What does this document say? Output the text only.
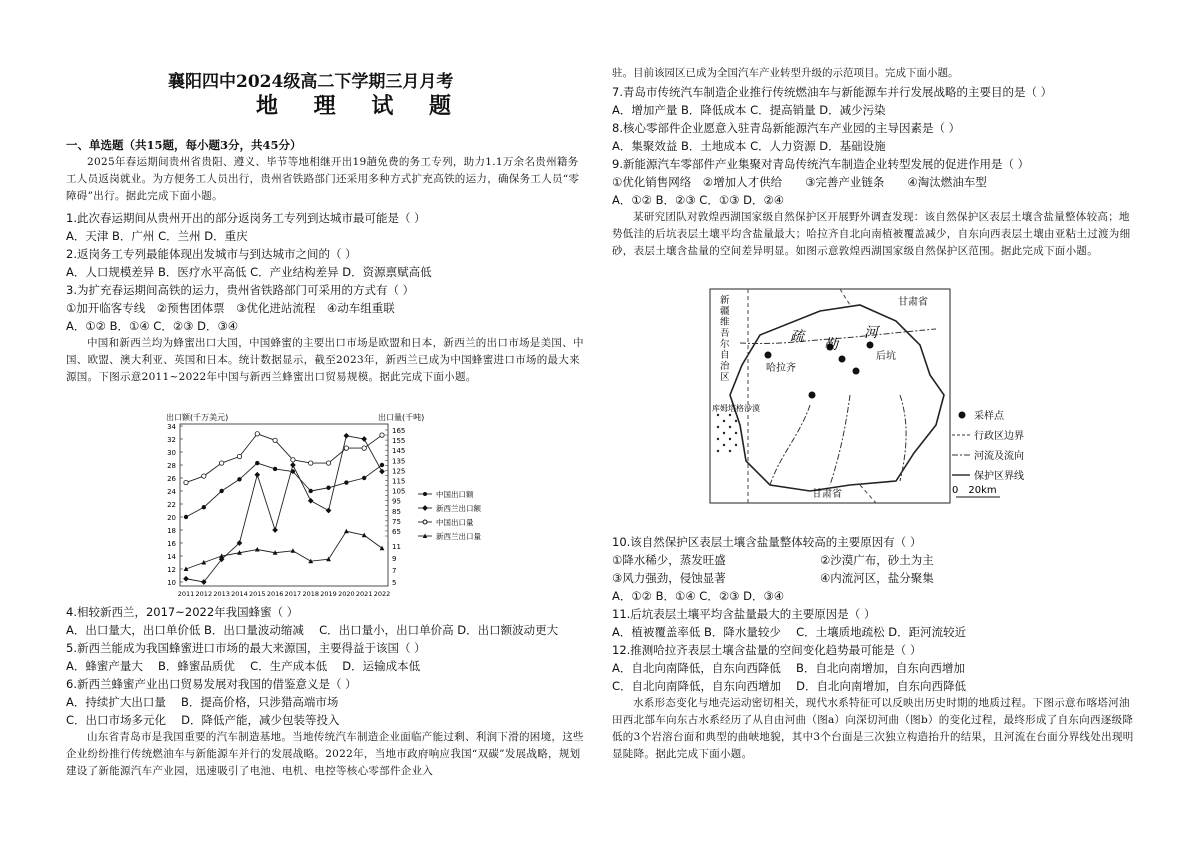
襄阳四中2024级高二下学期三月月考
地 理 试 题
一、单选题（共15题，每小题3分，共45分）
2025年春运期间贵州省贵阳、遵义、毕节等地相继开出19趟免费的务工专列，助力1.1万余名贵州籍务工人员返岗就业。为方便务工人员出行，贵州省铁路部门还采用多种方式扩充高铁的运力，确保务工人员“零障碍”出行。据此完成下面小题。
1.此次春运期间从贵州开出的部分返岗务工专列到达城市最可能是（ ）
A．天津 B．广州 C．兰州 D．重庆
2.返岗务工专列最能体现出发城市与到达城市之间的（ ）
A．人口规模差异 B．医疗水平高低 C．产业结构差异 D．资源禀赋高低
3.为扩充春运期间高铁的运力，贵州省铁路部门可采用的方式有（ ）
①加开临客专线　②预售团体票　③优化进站流程　④动车组重联
A．①② B．①④ C．②③ D．③④
中国和新西兰均为蜂蜜出口大国，中国蜂蜜的主要出口市场是欧盟和日本，新西兰的出口市场是美国、中国、欧盟、澳大利亚、英国和日本。统计数据显示，截至2023年，新西兰已成为中国蜂蜜进口市场的最大来源国。下图示意2011~2022年中国与新西兰蜂蜜出口贸易规模。据此完成下面小题。
出口额(千万美元)	出口量(千吨)
10
12
14
16
18
20
22
24
26
28
30
32
34
65
75
85
95
105
115
125
135
145
155
165
5
7
9
11
2011 2012 2013 2014 2015 2016 2017 2018 2019 2020 2021 2022
中国出口额
新西兰出口额
中国出口量
新西兰出口量
4.相较新西兰，2017~2022年我国蜂蜜（ ）
A．出口量大，出口单价低 B．出口量波动缩减　 C．出口量小，出口单价高 D．出口额波动更大
5.新西兰能成为我国蜂蜜进口市场的最大来源国，主要得益于该国（ ）
A．蜂蜜产量大　 B．蜂蜜品质优　 C．生产成本低　 D．运输成本低
6.新西兰蜂蜜产业出口贸易发展对我国的借鉴意义是（ ）
A．持续扩大出口量　 B．提高价格，只涉猎高端市场
C．出口市场多元化　 D．降低产能，减少包装等投入
山东省青岛市是我国重要的汽车制造基地。当地传统汽车制造企业面临产能过剩、利润下滑的困境，这些企业纷纷推行传统燃油车与新能源车并行的发展战略。2022年，当地市政府响应我国“双碳”发展战略，规划建设了新能源汽车产业园，迅速吸引了电池、电机、电控等核心零部件企业入
驻。目前该园区已成为全国汽车产业转型升级的示范项目。完成下面小题。
7.青岛市传统汽车制造企业推行传统燃油车与新能源车并行发展战略的主要目的是（ ）
A．增加产量 B．降低成本 C．提高销量 D．减少污染
8.核心零部件企业愿意入驻青岛新能源汽车产业园的主导因素是（ ）
A．集聚效益 B．土地成本 C．人力资源 D．基础设施
9.新能源汽车零部件产业集聚对青岛传统汽车制造企业转型发展的促进作用是（ ）
①优化销售网络　②增加人才供给　　③完善产业链条　　④淘汰燃油车型
A．①② B．②③ C．①③ D．②④
某研究团队对敦煌西湖国家级自然保护区开展野外调查发现：该自然保护区表层土壤含盐量整体较高；地势低洼的后坑表层土壤平均含盐量最大；哈拉齐自北向南植被覆盖减少，自东向西表层土壤由亚粘土过渡为细砂，表层土壤含盐量的空间差异明显。如图示意敦煌西湖国家级自然保护区范围。据此完成下面小题。
新疆维吾尔自治区
甘肃省
甘肃省
疏 勒
河
后坑
哈拉齐
库姆塔格沙漠
采样点
行政区边界
河流及流向
保护区界线
0　20km
10.该自然保护区表层土壤含盐量整体较高的主要原因有（ ）
①降水稀少，蒸发旺盛	②沙漠广布，砂土为主
③风力强劲，侵蚀显著	④内流河区，盐分聚集
A．①② B．①④ C．②③ D．③④
11.后坑表层土壤平均含盐量最大的主要原因是（ ）
A．植被覆盖率低 B．降水量较少　 C．土壤质地疏松 D．距河流较近
12.推测哈拉齐表层土壤含盐量的空间变化趋势最可能是（ ）
A．自北向南降低，自东向西降低　 B．自北向南增加，自东向西增加
C．自北向南降低，自东向西增加　 D．自北向南增加，自东向西降低
水系形态变化与地壳运动密切相关，现代水系特征可以反映出历史时期的地质过程。下图示意布喀塔河油田西北部车向东古水系经历了从自由河曲（图a）向深切河曲（图b）的变化过程，最终形成了自东向西逐级降低的3个岩溶台面和典型的曲峡地貌，其中3个台面是三次独立构造抬升的结果，且河流在台面分界线处出现明显陡降。据此完成下面小题。
